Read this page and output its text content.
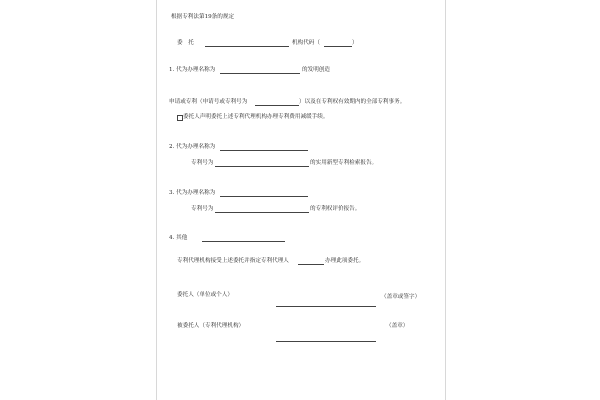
根据专利法第19条的规定
委　托	机构代码（	）
1. 代为办理名称为	的发明创造
申请或专利（申请号或专利号为	）以及在专利权有效期内的全部专利事务。
委托人声明委托上述专利代理机构办理专利费用减缓手续。
2. 代为办理名称为
专利号为	的实用新型专利检索报告。
3. 代为办理名称为
专利号为	的专利权评价报告。
4. 其他
专利代理机构接受上述委托并指定专利代理人	办理此项委托。
委托人（单位或个人）	（盖章或签字）
被委托人（专利代理机构）	（盖章）
